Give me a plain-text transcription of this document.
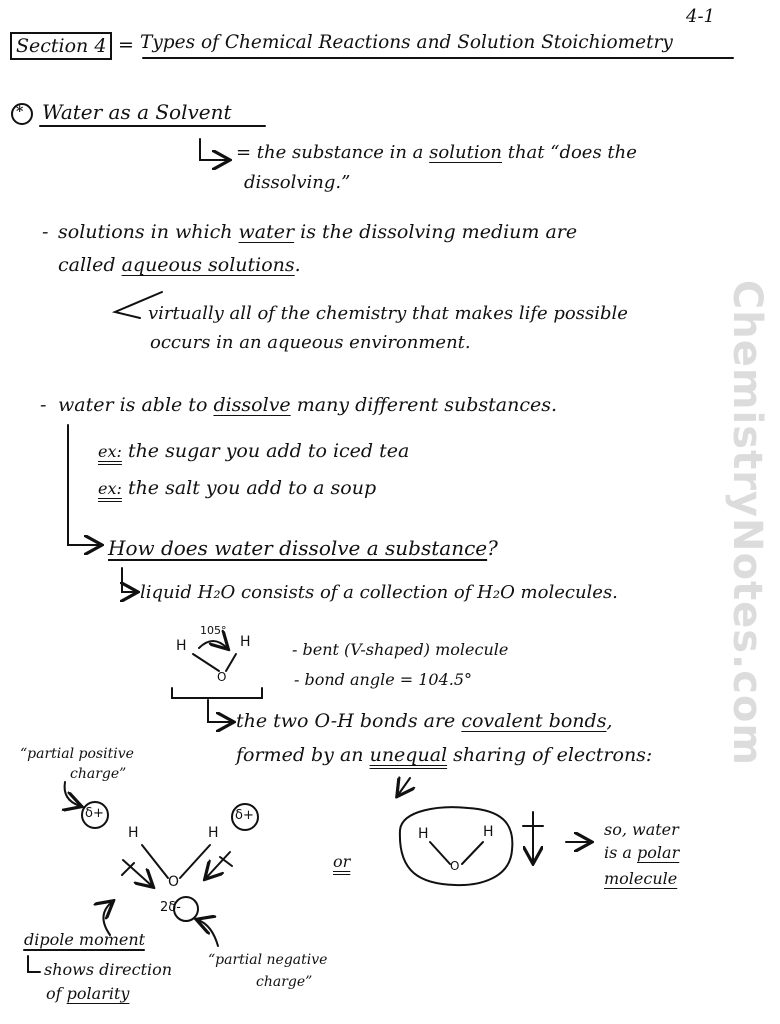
ChemistryNotes.com
4-1
Section 4 = Types of Chemical Reactions and Solution Stoichiometry
* Water as a Solvent
= the substance in a solution that “does the
dissolving.”
- solutions in which water is the dissolving medium are
called aqueous solutions.
virtually all of the chemistry that makes life possible
occurs in an aqueous environment.
- water is able to dissolve many different substances.
ex: the sugar you add to iced tea
ex: the salt you add to a soup
How does water dissolve a substance?
liquid H₂O consists of a collection of H₂O molecules.
H	H
O
105°
- bent (V-shaped) molecule
- bond angle = 104.5°
the two O-H bonds are covalent bonds,
formed by an unequal sharing of electrons:
“partial positive
charge”
δ+	δ+
H	H
O
2δ-
or
H	H
O
so, water
is a polar
molecule
dipole moment
shows direction
of polarity
“partial negative
charge”
